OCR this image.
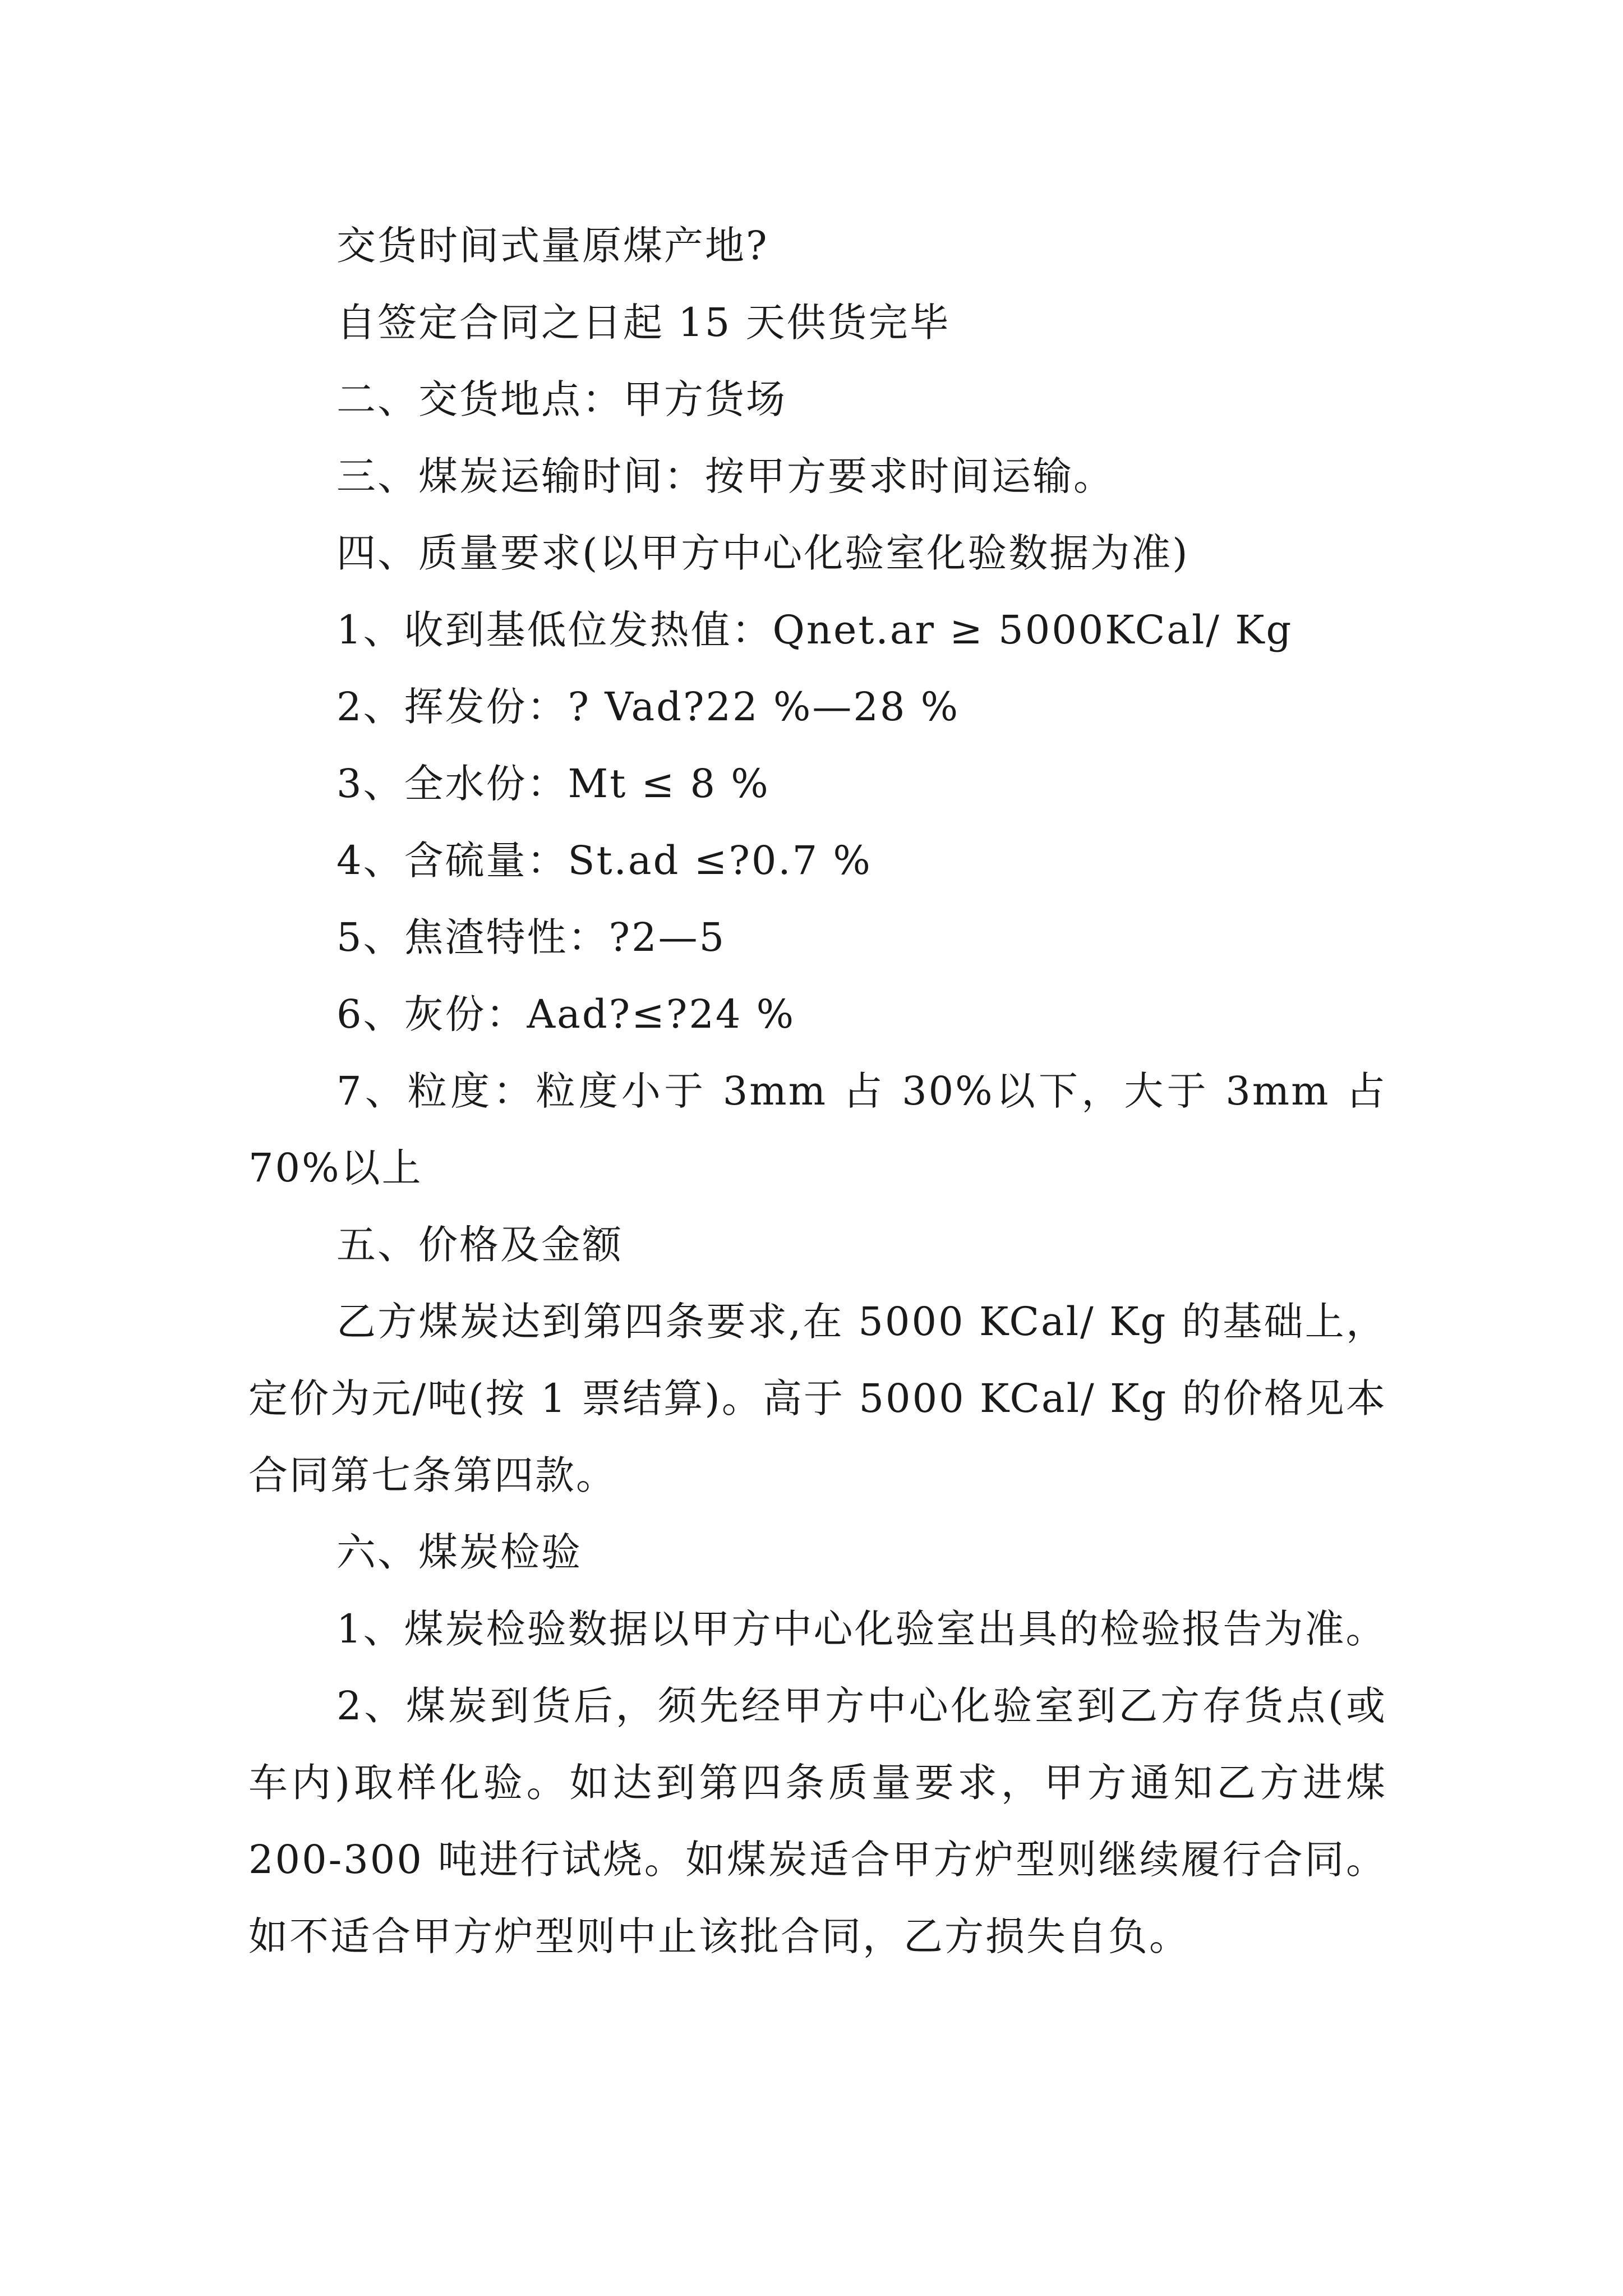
交货时间式量原煤产地?

自签定合同之日起 15 天供货完毕

二、交货地点：甲方货场

三、煤炭运输时间：按甲方要求时间运输。

四、质量要求(以甲方中心化验室化验数据为准)

1、收到基低位发热值：Qnet.ar ≥ 5000KCal/ Kg

2、挥发份：? Vad?22 %—28 %

3、全水份：Mt ≤ 8 %

4、含硫量：St.ad ≤?0.7 %

5、焦渣特性：?2—5

6、灰份：Aad?≤?24 %

7、粒度：粒度小于 3mm 占 30%以下，大于 3mm 占 70%以上

五、价格及金额

乙方煤炭达到第四条要求,在 5000 KCal/ Kg 的基础上，定价为元/吨(按 1 票结算)。高于 5000 KCal/ Kg 的价格见本合同第七条第四款。

六、煤炭检验

1、煤炭检验数据以甲方中心化验室出具的检验报告为准。

2、煤炭到货后，须先经甲方中心化验室到乙方存货点(或车内)取样化验。如达到第四条质量要求，甲方通知乙方进煤 200-300 吨进行试烧。如煤炭适合甲方炉型则继续履行合同。如不适合甲方炉型则中止该批合同，乙方损失自负。
